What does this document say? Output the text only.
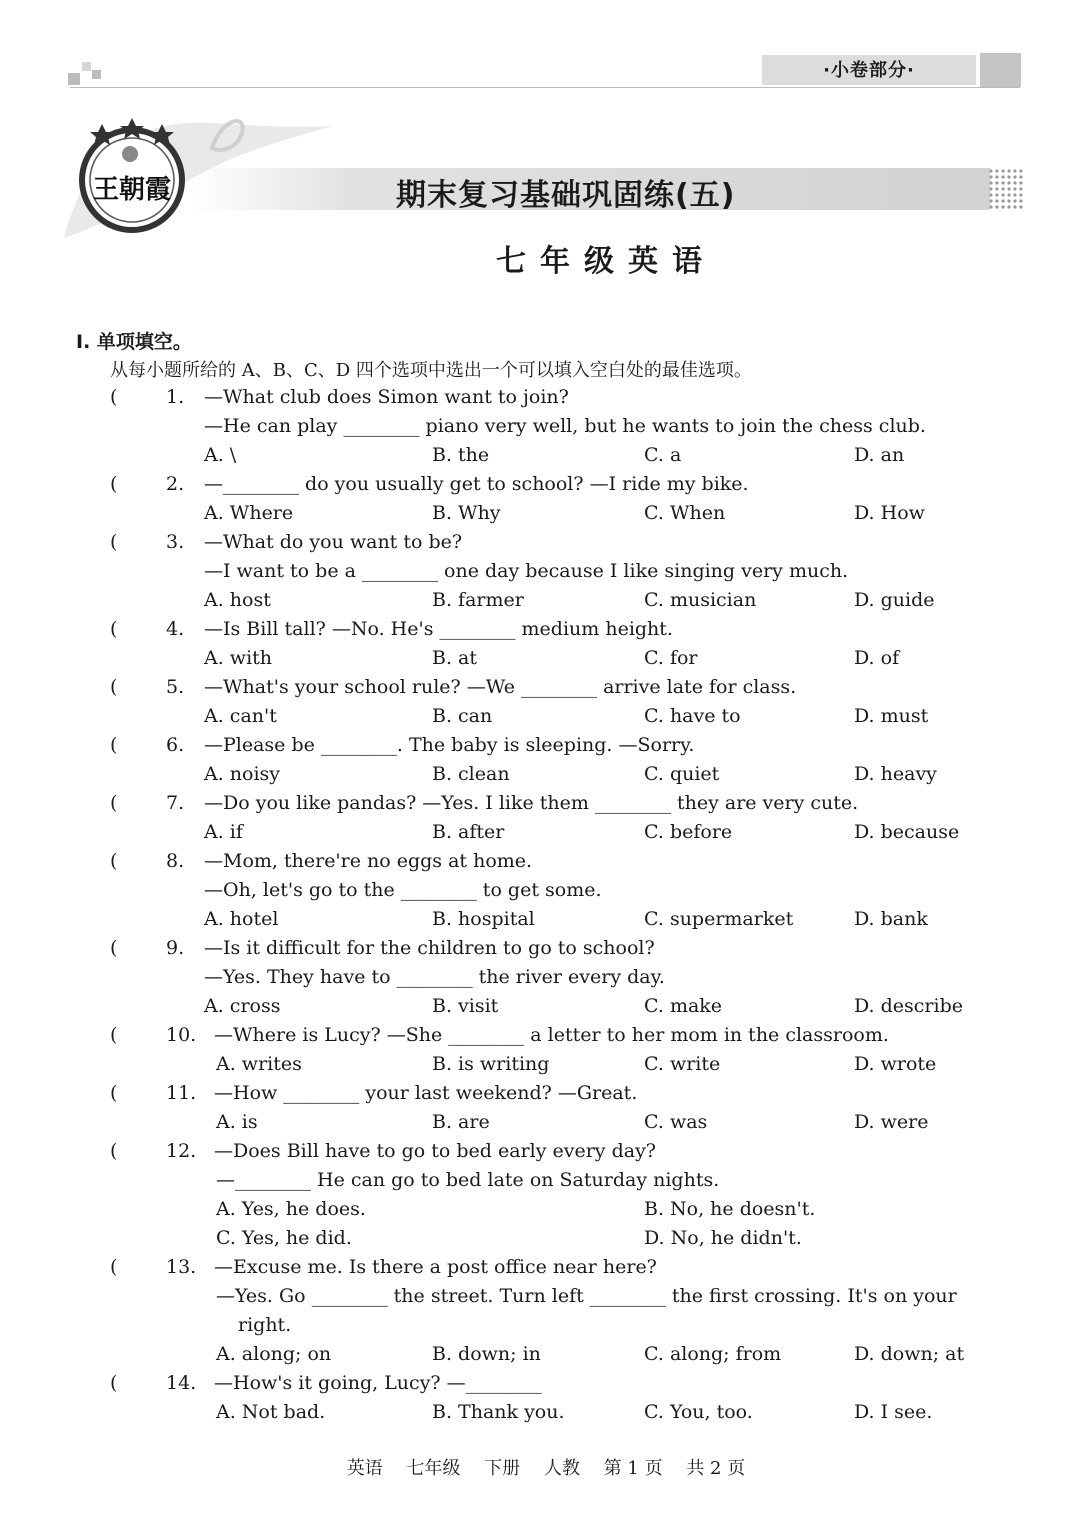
·小卷部分·
王朝霞	期末复习基础巩固练(五)
七年级英语
Ⅰ. 单项填空。
从每小题所给的 A、B、C、D 四个选项中选出一个可以填入空白处的最佳选项。
(	1. —What club does Simon want to join?
—He can play ________ piano very well, but he wants to join the chess club.
A. \	B. the	C. a	D. an
(	2. —________ do you usually get to school? —I ride my bike.
A. Where	B. Why	C. When	D. How
(	3. —What do you want to be?
—I want to be a ________ one day because I like singing very much.
A. host	B. farmer	C. musician	D. guide
(	4. —Is Bill tall? —No. He's ________ medium height.
A. with	B. at	C. for	D. of
(	5. —What's your school rule? —We ________ arrive late for class.
A. can't	B. can	C. have to	D. must
(	6. —Please be ________. The baby is sleeping. —Sorry.
A. noisy	B. clean	C. quiet	D. heavy
(	7. —Do you like pandas? —Yes. I like them ________ they are very cute.
A. if	B. after	C. before	D. because
(	8. —Mom, there're no eggs at home.
—Oh, let's go to the ________ to get some.
A. hotel	B. hospital	C. supermarket	D. bank
(	9. —Is it difficult for the children to go to school?
—Yes. They have to ________ the river every day.
A. cross	B. visit	C. make	D. describe
(	10. —Where is Lucy? —She ________ a letter to her mom in the classroom.
A. writes	B. is writing	C. write	D. wrote
(	11. —How ________ your last weekend? —Great.
A. is	B. are	C. was	D. were
(	12. —Does Bill have to go to bed early every day?
—________ He can go to bed late on Saturday nights.
A. Yes, he does.	B. No, he doesn't.
C. Yes, he did.	D. No, he didn't.
(	13. —Excuse me. Is there a post office near here?
—Yes. Go ________ the street. Turn left ________ the first crossing. It's on your
right.
A. along; on	B. down; in	C. along; from	D. down; at
(	14. —How's it going, Lucy? —________
A. Not bad.	B. Thank you.	C. You, too.	D. I see.
英语 七年级 下册 人教 第 1 页 共 2 页
